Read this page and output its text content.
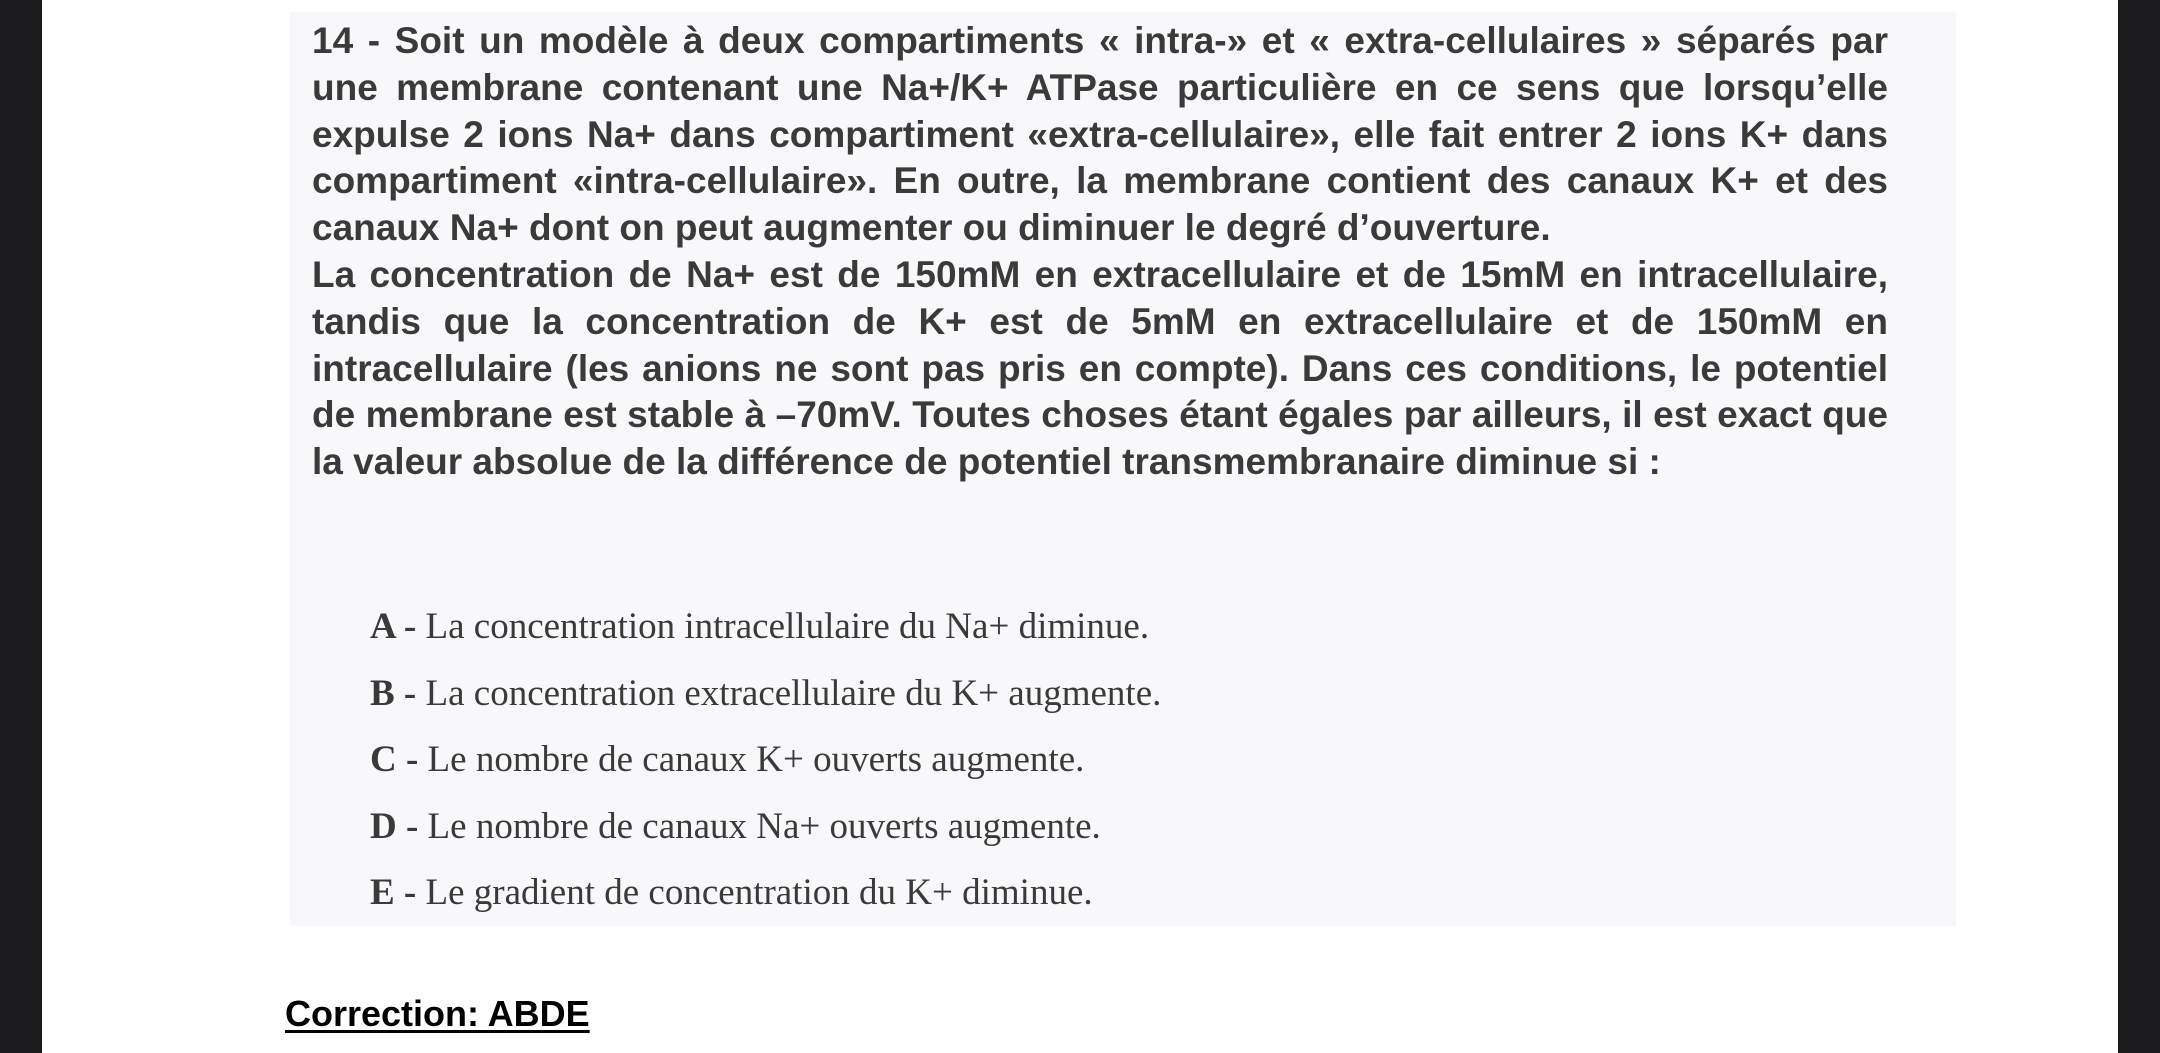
14 - Soit un modèle à deux compartiments « intra-» et « extra-cellulaires » séparés par une membrane contenant une Na+/K+ ATPase particulière en ce sens que lorsqu’elle expulse 2 ions Na+ dans compartiment «extra-cellulaire», elle fait entrer 2 ions K+ dans compartiment «intra-cellulaire». En outre, la membrane contient des canaux K+ et des canaux Na+ dont on peut augmenter ou diminuer le degré d’ouverture.

La concentration de Na+ est de 150mM en extracellulaire et de 15mM en intracellulaire, tandis que la concentration de K+ est de 5mM en extracellulaire et de 150mM en intracellulaire (les anions ne sont pas pris en compte). Dans ces conditions, le potentiel de membrane est stable à –70mV. Toutes choses étant égales par ailleurs, il est exact que la valeur absolue de la différence de potentiel transmembranaire diminue si :

A - La concentration intracellulaire du Na+ diminue.
B - La concentration extracellulaire du K+ augmente.
C - Le nombre de canaux K+ ouverts augmente.
D - Le nombre de canaux Na+ ouverts augmente.
E - Le gradient de concentration du K+ diminue.
Correction: ABDE
